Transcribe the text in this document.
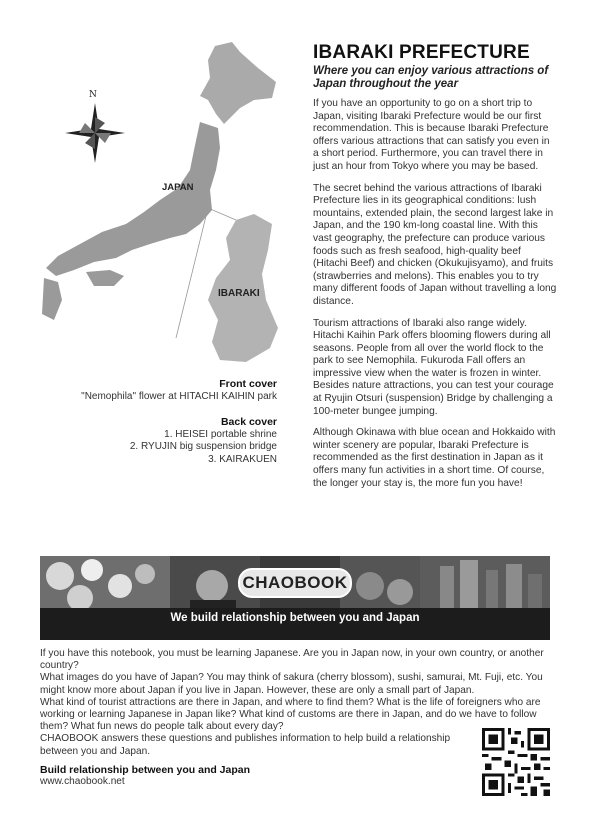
N
JAPAN
IBARAKI
Front cover
"Nemophila" flower at HITACHI KAIHIN park
Back cover
1. HEISEI portable shrine
2. RYUJIN big suspension bridge
3. KAIRAKUEN
IBARAKI PREFECTURE
Where you can enjoy various attractions of Japan throughout the year

If you have an opportunity to go on a short trip to Japan, visiting Ibaraki Prefecture would be our first recommendation. This is because Ibaraki Prefecture offers various attractions that can satisfy you even in a short period. Furthermore, you can travel there in just an hour from Tokyo where you may be based.

The secret behind the various attractions of Ibaraki Prefecture lies in its geographical conditions: lush mountains, extended plain, the second largest lake in Japan, and the 190 km-long coastal line. With this vast geography, the prefecture can produce various foods such as fresh seafood, high-quality beef (Hitachi Beef) and chicken (Okukujisyamo), and fruits (strawberries and melons). This enables you to try many different foods of Japan without travelling a long distance.

Tourism attractions of Ibaraki also range widely. Hitachi Kaihin Park offers blooming flowers during all seasons. People from all over the world flock to the park to see Nemophila. Fukuroda Fall offers an impressive view when the water is frozen in winter. Besides nature attractions, you can test your courage at Ryujin Otsuri (suspension) Bridge by challenging a 100-meter bungee jumping.

Although Okinawa with blue ocean and Hokkaido with winter scenery are popular, Ibaraki Prefecture is recommended as the first destination in Japan as it offers many fun activities in a short time. Of course, the longer your stay is, the more fun you have!

CHAOBOOK
We build relationship between you and Japan

If you have this notebook, you must be learning Japanese. Are you in Japan now, in your own country, or another country?

What images do you have of Japan? You may think of sakura (cherry blossom), sushi, samurai, Mt. Fuji, etc. You might know more about Japan if you live in Japan. However, these are only a small part of Japan.

What kind of tourist attractions are there in Japan, and where to find them? What is the life of foreigners who are working or learning Japanese in Japan like? What kind of customs are there in Japan, and do we have to follow them? What fun news do people talk about every day?

CHAOBOOK answers these questions and publishes information to help build a relationship between you and Japan.

Build relationship between you and Japan

www.chaobook.net
